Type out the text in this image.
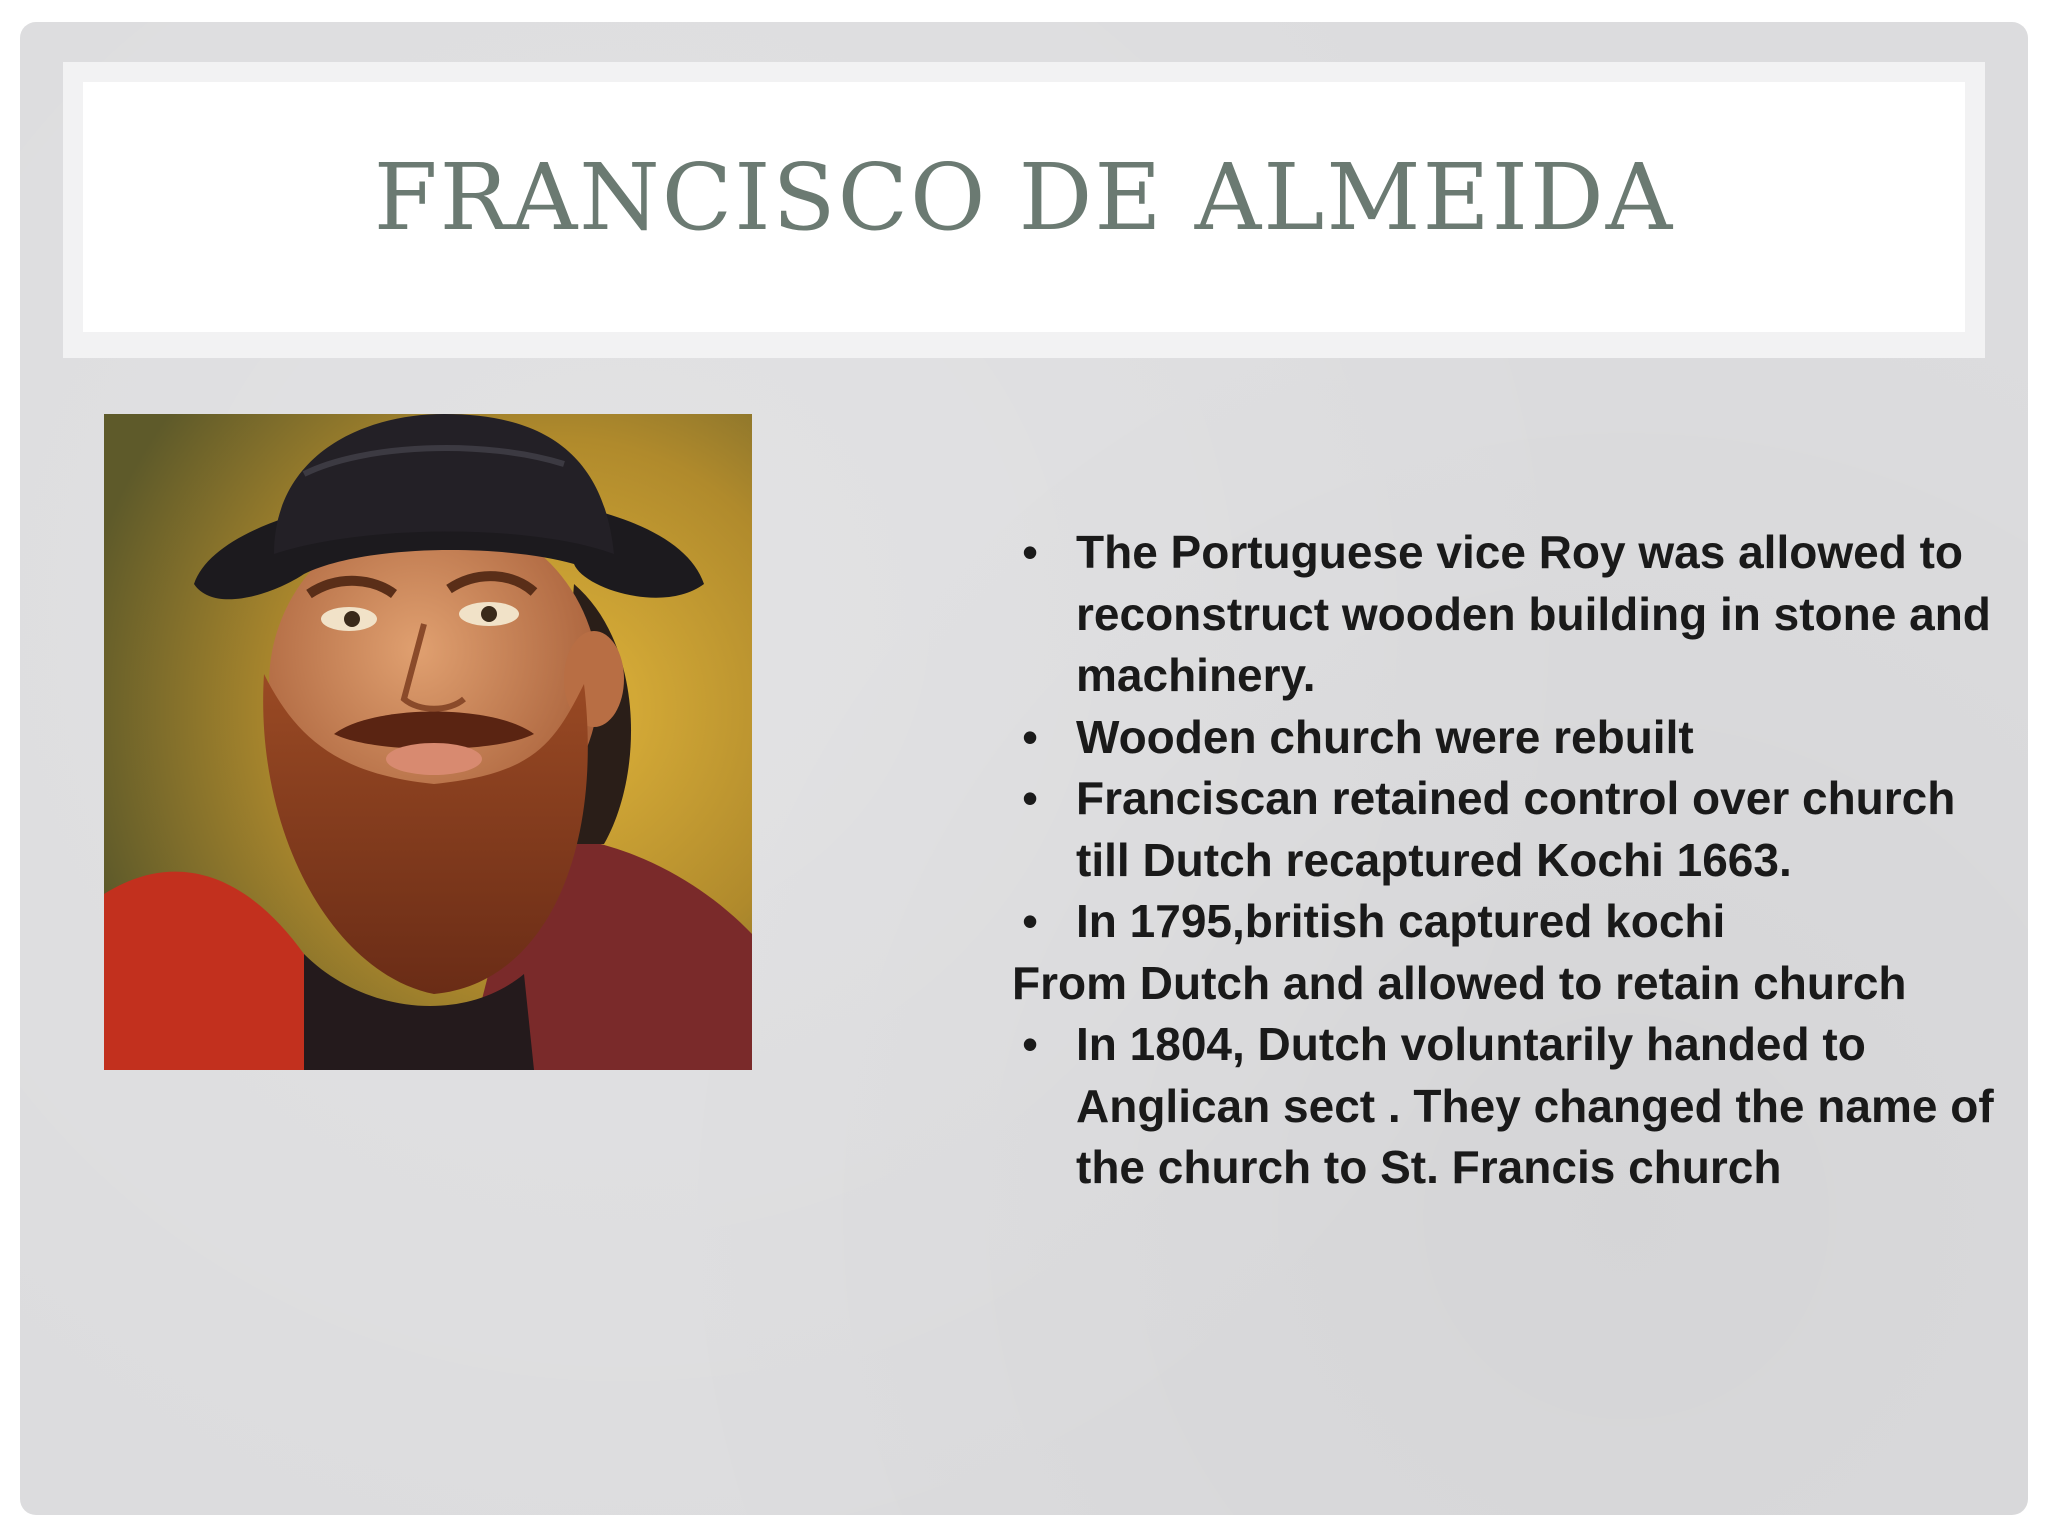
FRANCISCO DE ALMEIDA
• The Portuguese vice Roy was allowed to reconstruct wooden building in stone and machinery.
• Wooden church were rebuilt
• Franciscan retained control over church till Dutch recaptured Kochi 1663.
• In 1795,british captured kochi
From Dutch and allowed to retain church
• In 1804, Dutch voluntarily handed to Anglican sect . They changed the name of the church to St. Francis church
